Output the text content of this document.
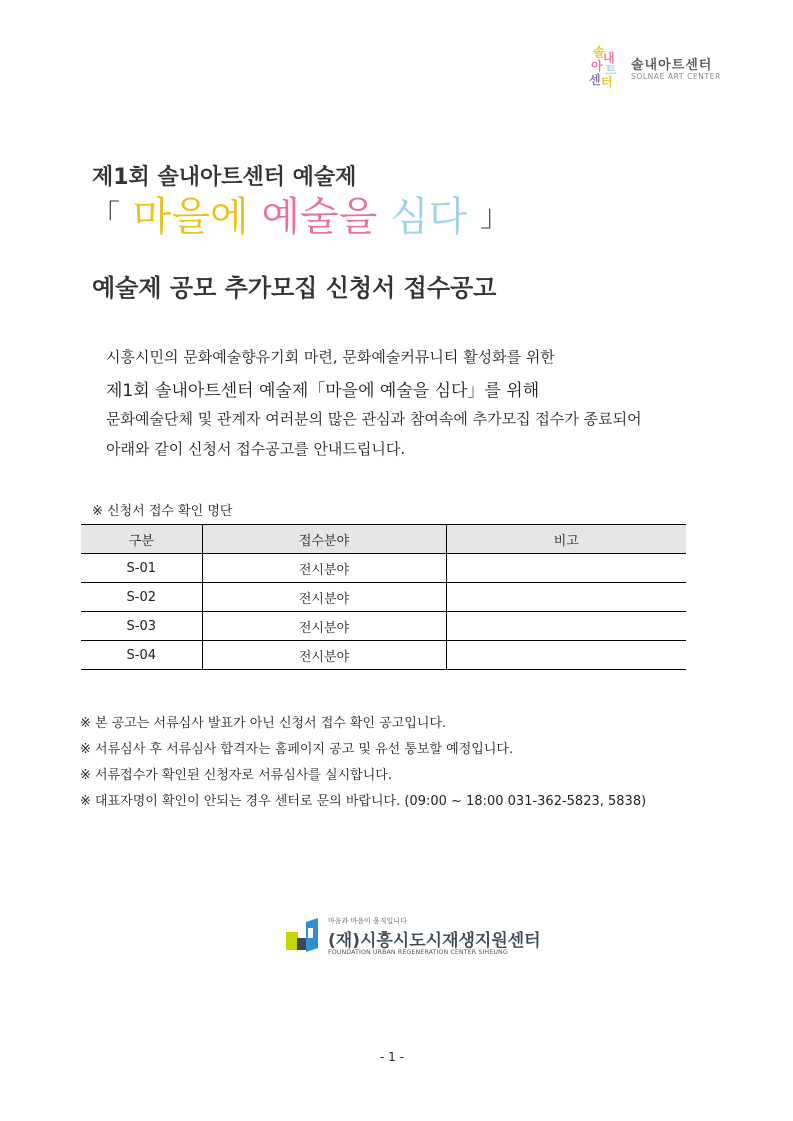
솔
내
아 트
센 터
솔내아트센터
SOLNAE ART CENTER
제1회 솔내아트센터 예술제
「 마을에 예술을 심다 」
예술제 공모 추가모집 신청서 접수공고
시흥시민의 문화예술향유기회 마련, 문화예술커뮤니티 활성화를 위한
제1회 솔내아트센터 예술제「마을에 예술을 심다」를 위해
문화예술단체 및 관계자 여러분의 많은 관심과 참여속에 추가모집 접수가 종료되어
아래와 같이 신청서 접수공고를 안내드립니다.
※ 신청서 접수 확인 명단
구분	접수분야	비고
S-01	전시분야	
S-02	전시분야	
S-03	전시분야	
S-04	전시분야	
※ 본 공고는 서류심사 발표가 아닌 신청서 접수 확인 공고입니다.
※ 서류심사 후 서류심사 합격자는 홈페이지 공고 및 유선 통보할 예정입니다.
※ 서류접수가 확인된 신청자로 서류심사를 실시합니다.
※ 대표자명이 확인이 안되는 경우 센터로 문의 바랍니다. (09:00 ~ 18:00 031-362-5823, 5838)
마음과 마음이 움직입니다
(재)시흥시도시재생지원센터
FOUNDATION URBAN REGENERATION CENTER SIHEUNG
- 1 -
